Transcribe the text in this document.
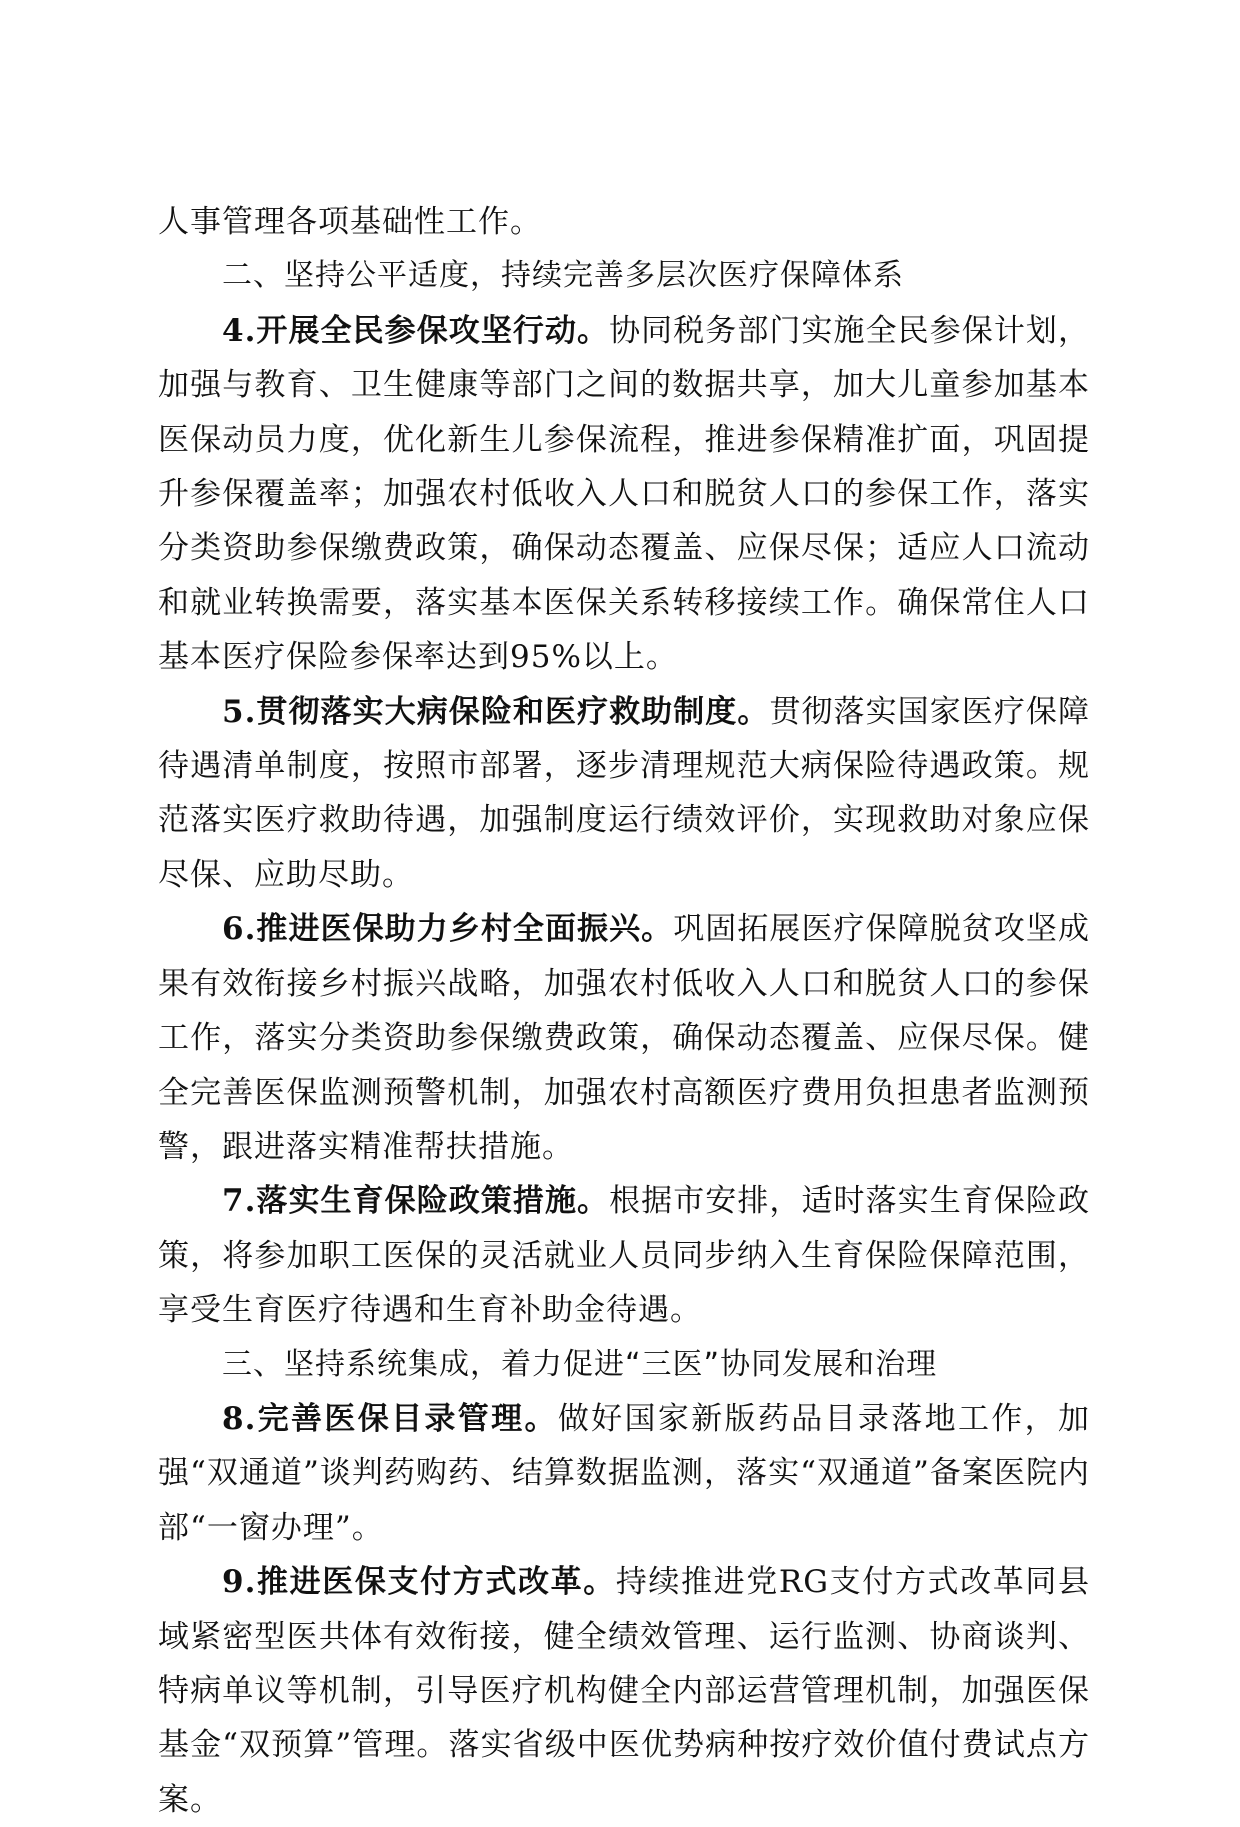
人事管理各项基础性工作。

二、坚持公平适度，持续完善多层次医疗保障体系

4.开展全民参保攻坚行动。协同税务部门实施全民参保计划，加强与教育、卫生健康等部门之间的数据共享，加大儿童参加基本医保动员力度，优化新生儿参保流程，推进参保精准扩面，巩固提升参保覆盖率；加强农村低收入人口和脱贫人口的参保工作，落实分类资助参保缴费政策，确保动态覆盖、应保尽保；适应人口流动和就业转换需要，落实基本医保关系转移接续工作。确保常住人口基本医疗保险参保率达到95%以上。

5.贯彻落实大病保险和医疗救助制度。贯彻落实国家医疗保障待遇清单制度，按照市部署，逐步清理规范大病保险待遇政策。规范落实医疗救助待遇，加强制度运行绩效评价，实现救助对象应保尽保、应助尽助。

6.推进医保助力乡村全面振兴。巩固拓展医疗保障脱贫攻坚成果有效衔接乡村振兴战略，加强农村低收入人口和脱贫人口的参保工作，落实分类资助参保缴费政策，确保动态覆盖、应保尽保。健全完善医保监测预警机制，加强农村高额医疗费用负担患者监测预警，跟进落实精准帮扶措施。

7.落实生育保险政策措施。根据市安排，适时落实生育保险政策，将参加职工医保的灵活就业人员同步纳入生育保险保障范围，享受生育医疗待遇和生育补助金待遇。

三、坚持系统集成，着力促进“三医”协同发展和治理

8.完善医保目录管理。做好国家新版药品目录落地工作，加强“双通道”谈判药购药、结算数据监测，落实“双通道”备案医院内部“一窗办理”。

9.推进医保支付方式改革。持续推进党RG支付方式改革同县域紧密型医共体有效衔接，健全绩效管理、运行监测、协商谈判、特病单议等机制，引导医疗机构健全内部运营管理机制，加强医保基金“双预算”管理。落实省级中医优势病种按疗效价值付费试点方案。
